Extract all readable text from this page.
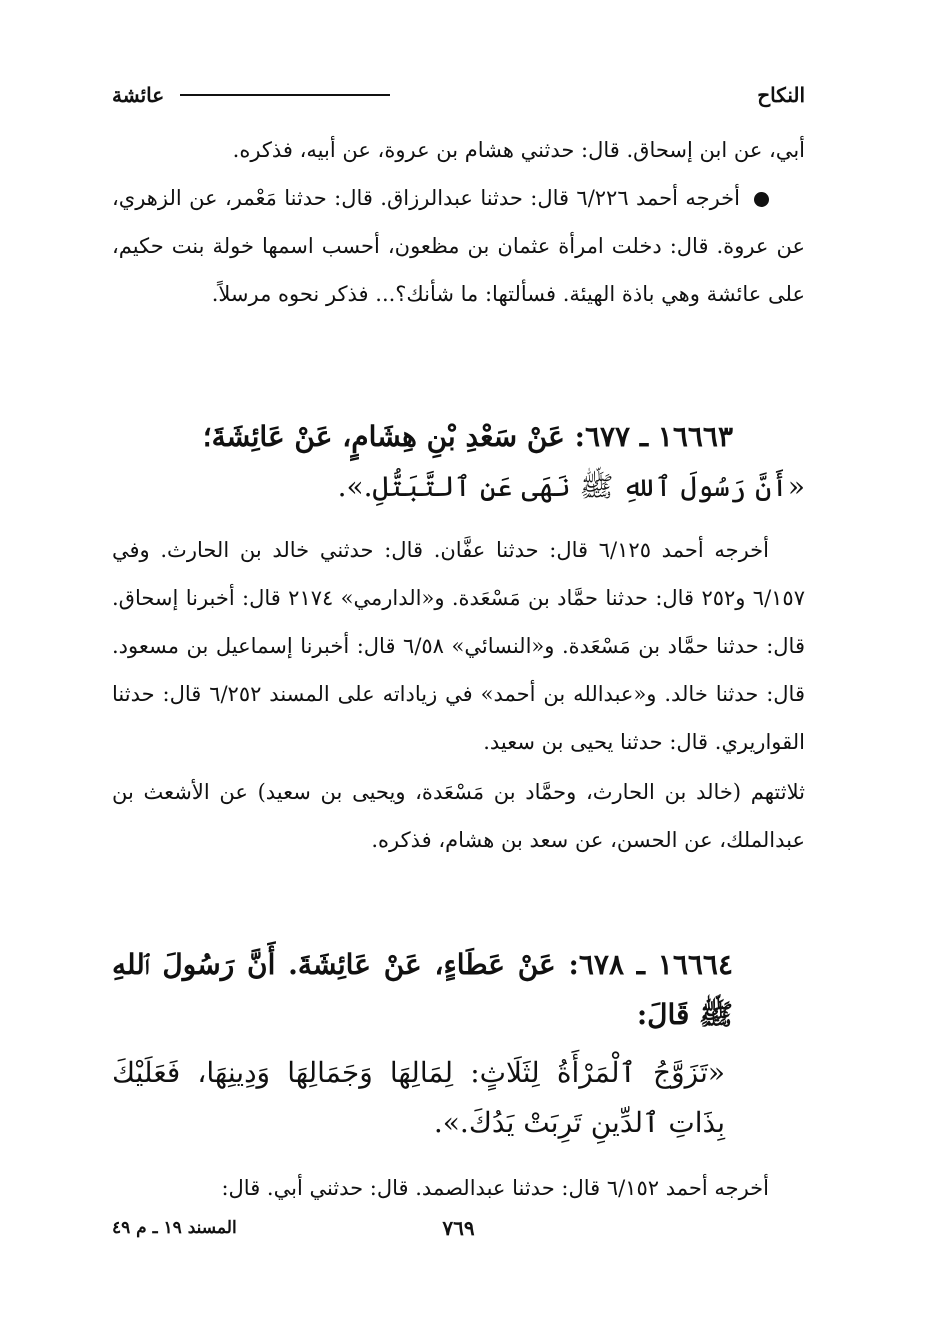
النكاح
عائشة

أبي، عن ابن إسحاق. قال: حدثني هشام بن عروة، عن أبيه، فذكره.

أخرجه أحمد ٦/٢٢٦ قال: حدثنا عبدالرزاق. قال: حدثنا مَعْمر، عن الزهري، عن عروة. قال: دخلت امرأة عثمان بن مظعون، أحسب اسمها خولة بنت حكيم، على عائشة وهي باذة الهيئة. فسألتها: ما شأنك؟... فذكر نحوه مرسلاً.

١٦٦٦٣ ـ ٦٧٧: عَنْ سَعْدِ بْنِ هِشَامٍ، عَنْ عَائِشَةَ؛

«أَنَّ رَسُولَ ٱللهِ ﷺ نَهَى عَنِ ٱلتَّبَتُّلِ.».

أخرجه أحمد ٦/١٢٥ قال: حدثنا عفَّان. قال: حدثني خالد بن الحارث. وفي ٦/١٥٧ و٢٥٢ قال: حدثنا حمَّاد بن مَسْعَدة. و«الدارمي» ٢١٧٤ قال: أخبرنا إسحاق. قال: حدثنا حمَّاد بن مَسْعَدة. و«النسائي» ٦/٥٨ قال: أخبرنا إسماعيل بن مسعود. قال: حدثنا خالد. و«عبدالله بن أحمد» في زياداته على المسند ٦/٢٥٢ قال: حدثنا القواريري. قال: حدثنا يحيى بن سعيد.

ثلاثتهم (خالد بن الحارث، وحمَّاد بن مَسْعَدة، ويحيى بن سعيد) عن الأشعث بن عبدالملك، عن الحسن، عن سعد بن هشام، فذكره.

١٦٦٦٤ ـ ٦٧٨: عَنْ عَطَاءٍ، عَنْ عَائِشَةَ. أَنَّ رَسُولَ ٱللهِ ﷺ قَالَ:

«تَزَوَّجُ ٱلْمَرْأَةُ لِثَلَاثٍ: لِمَالِهَا وَجَمَالِهَا وَدِينِهَا، فَعَلَيْكَ بِذَاتِ ٱلدِّينِ تَرِبَتْ يَدُكَ.».

أخرجه أحمد ٦/١٥٢ قال: حدثنا عبدالصمد. قال: حدثني أبي. قال:

المسند ١٩ ـ م ٤٩	٧٦٩
